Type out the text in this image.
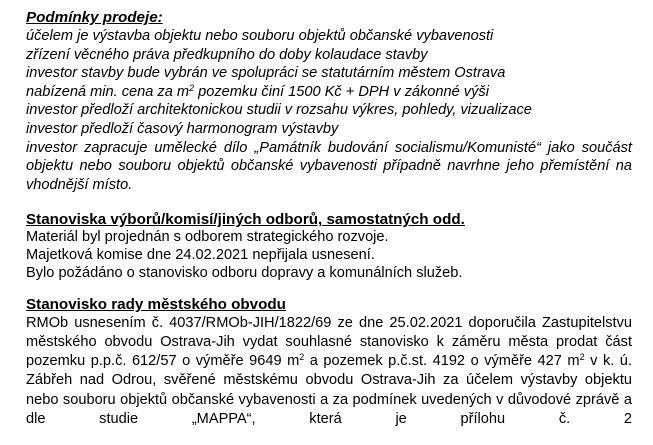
Podmínky prodeje:
účelem je výstavba objektu nebo souboru objektů občanské vybavenosti
zřízení věcného práva předkupního do doby kolaudace stavby
investor stavby bude vybrán ve spolupráci se statutárním městem Ostrava
nabízená min. cena za $m^2$ pozemku činí 1500 Kč + DPH v zákonné výši
investor předloží architektonickou studii v rozsahu výkres, pohledy, vizualizace
investor předloží časový harmonogram výstavby
investor zapracuje umělecké dílo „Památník budování socialismu/Komunisté“ jako součást objektu nebo souboru objektů občanské vybavenosti případně navrhne jeho přemístění na vhodnější místo.
Stanoviska výborů/komisí/jiných odborů, samostatných odd.

Materiál byl projednán s odborem strategického rozvoje.

Majetková komise dne 24.02.2021 nepřijala usnesení.

Bylo požádáno o stanovisko odboru dopravy a komunálních služeb.

Stanovisko rady městského obvodu

RMOb usnesením č. 4037/RMOb-JIH/1822/69 ze dne 25.02.2021 doporučila Zastupitelstvu městského obvodu Ostrava-Jih vydat souhlasné stanovisko k záměru města prodat část pozemku p.p.č. 612/57 o výměře 9649 $m^2$ a pozemek p.č.st. 4192 o výměře 427 $m^2$ v k. ú. Zábřeh nad Odrou, svěřené městskému obvodu Ostrava-Jih za účelem výstavby objektu nebo souboru objektů občanské vybavenosti a za podmínek uvedených v důvodové zprávě a dle studie „MAPPA“, která je přílohu č. 2
